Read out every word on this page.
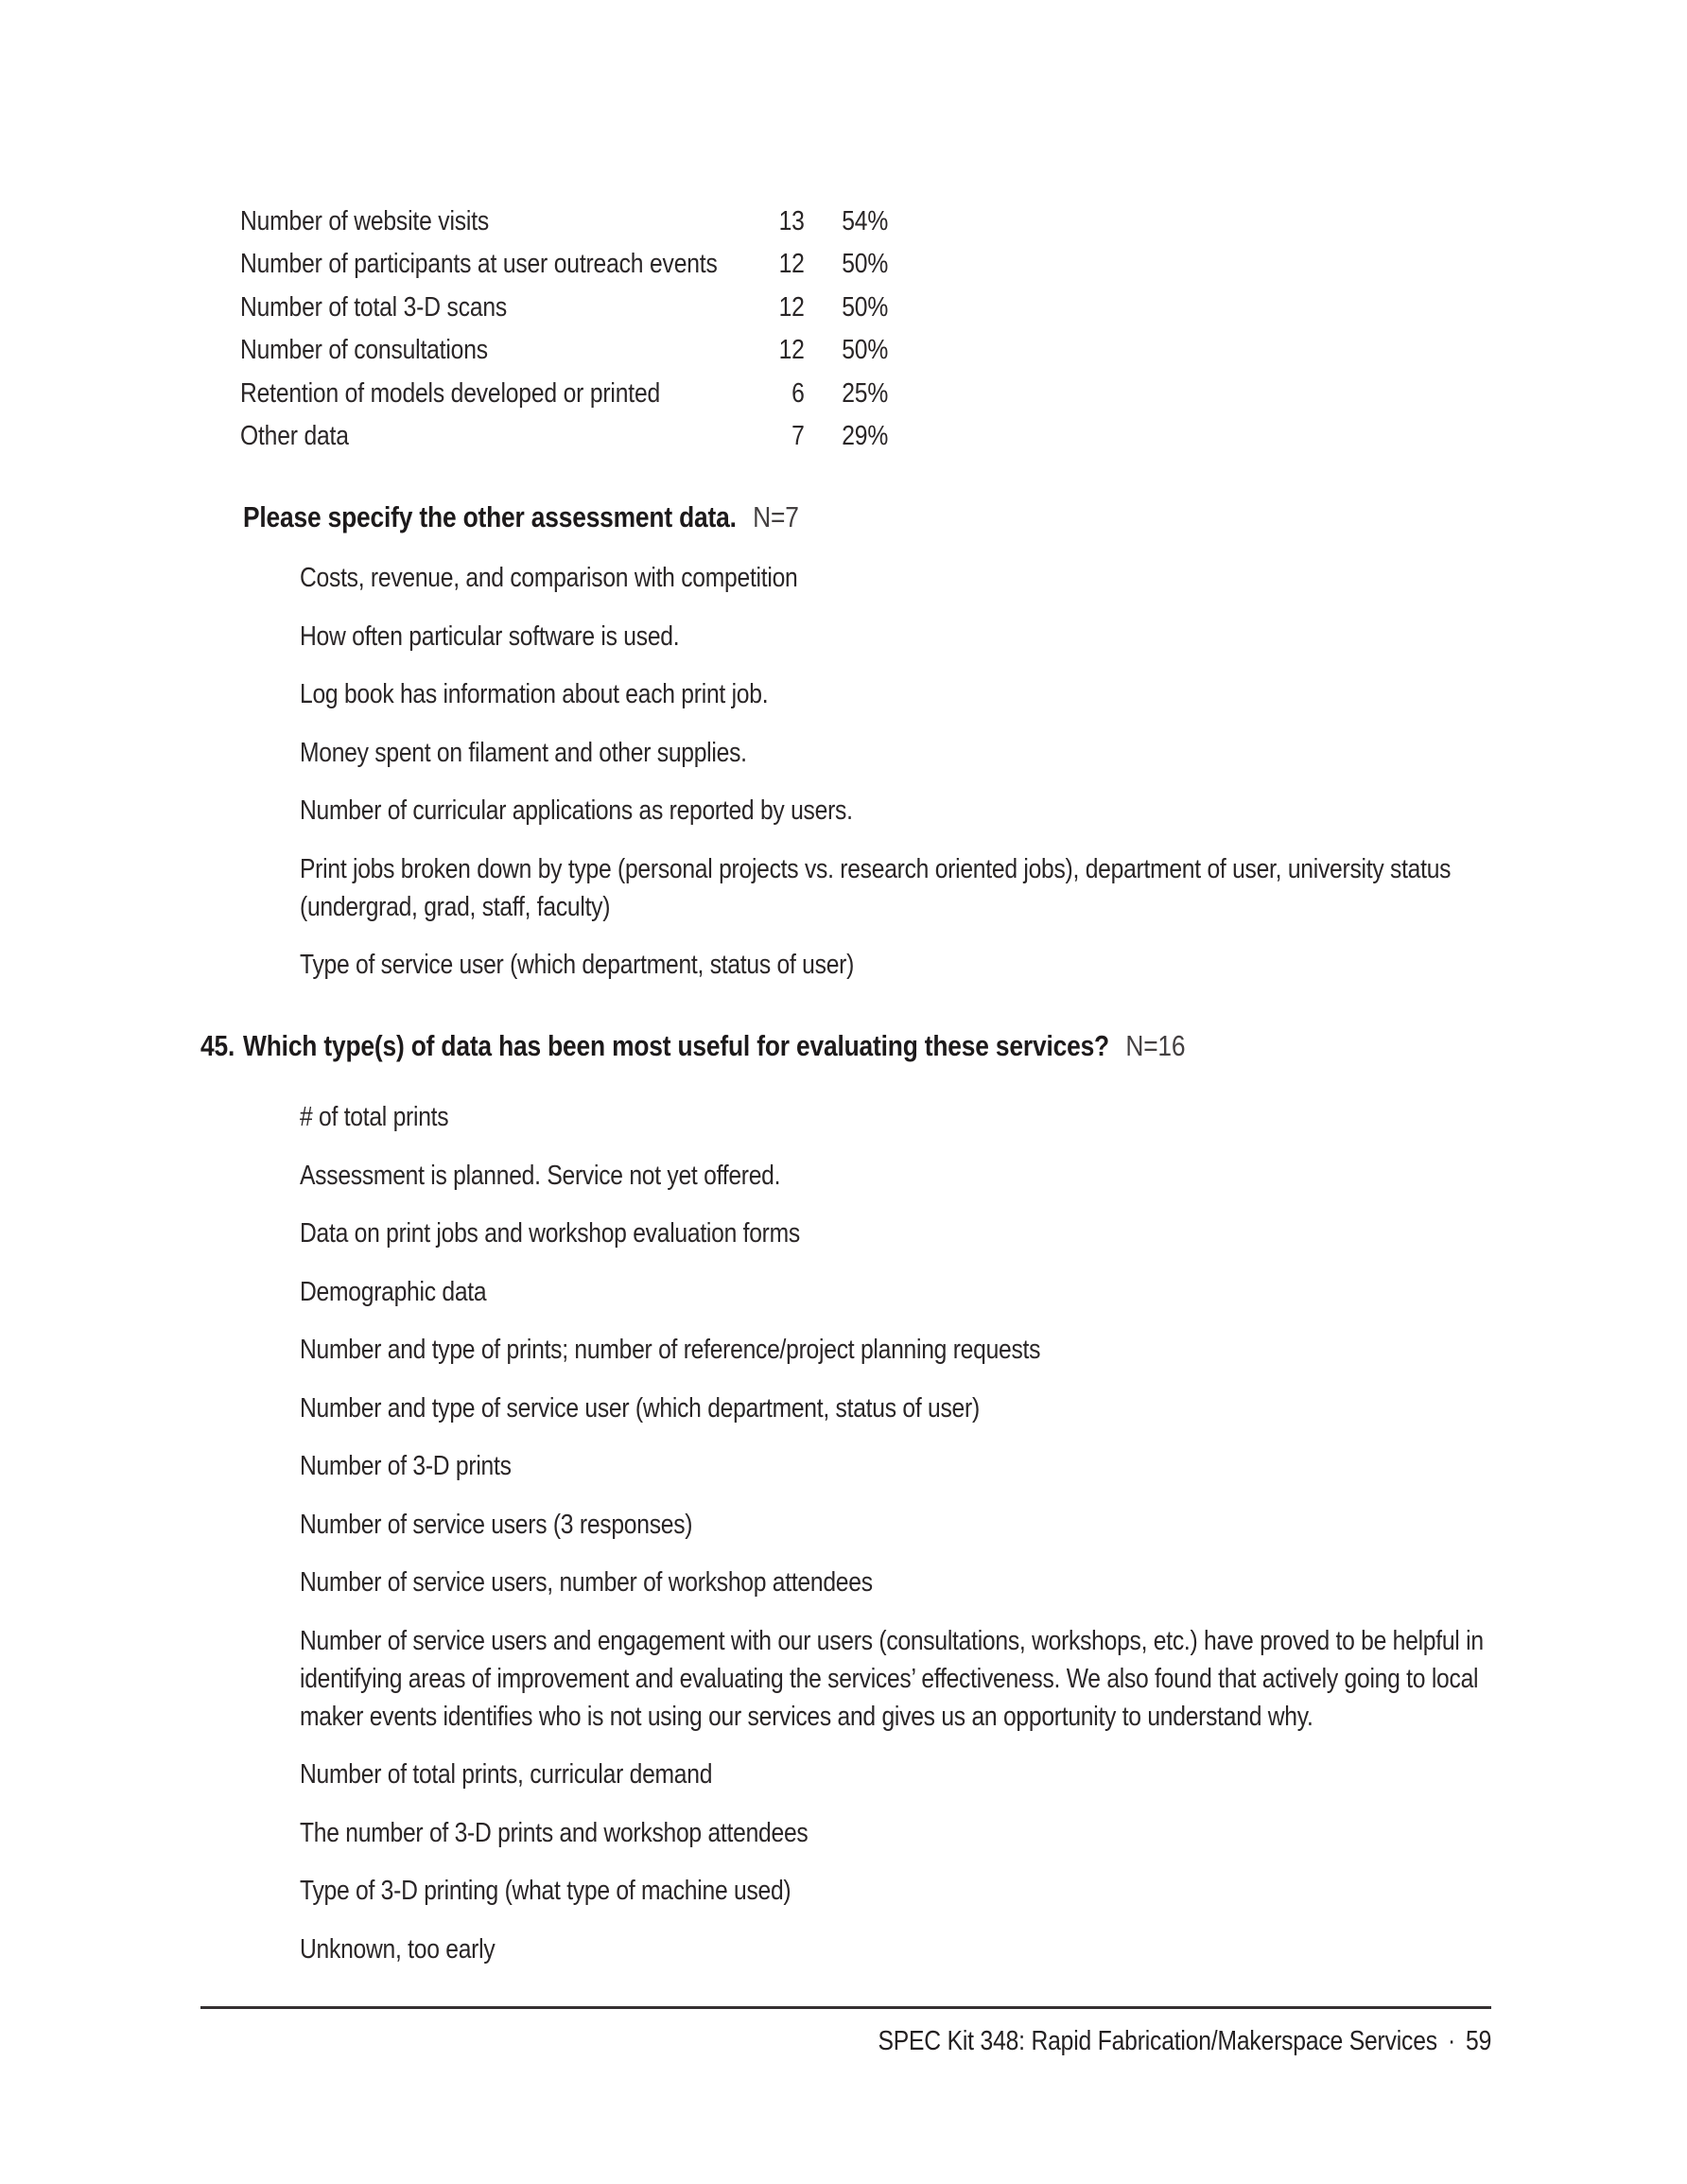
Number of website visits	13	54%
Number of participants at user outreach events	12	50%
Number of total 3-D scans	12	50%
Number of consultations	12	50%
Retention of models developed or printed	6	25%
Other data	7	29%
Please specify the other assessment data. N=7

Costs, revenue, and comparison with competition

How often particular software is used.

Log book has information about each print job.

Money spent on filament and other supplies.

Number of curricular applications as reported by users.

Print jobs broken down by type (personal projects vs. research oriented jobs), department of user, university status (undergrad, grad, staff, faculty)

Type of service user (which department, status of user)

45. Which type(s) of data has been most useful for evaluating these services? N=16

# of total prints

Assessment is planned. Service not yet offered.

Data on print jobs and workshop evaluation forms

Demographic data

Number and type of prints; number of reference/project planning requests

Number and type of service user (which department, status of user)

Number of 3-D prints

Number of service users (3 responses)

Number of service users, number of workshop attendees

Number of service users and engagement with our users (consultations, workshops, etc.) have proved to be helpful in identifying areas of improvement and evaluating the services’ effectiveness. We also found that actively going to local maker events identifies who is not using our services and gives us an opportunity to understand why.

Number of total prints, curricular demand

The number of 3-D prints and workshop attendees

Type of 3-D printing (what type of machine used)

Unknown, too early

SPEC Kit 348: Rapid Fabrication/Makerspace Services · 59
